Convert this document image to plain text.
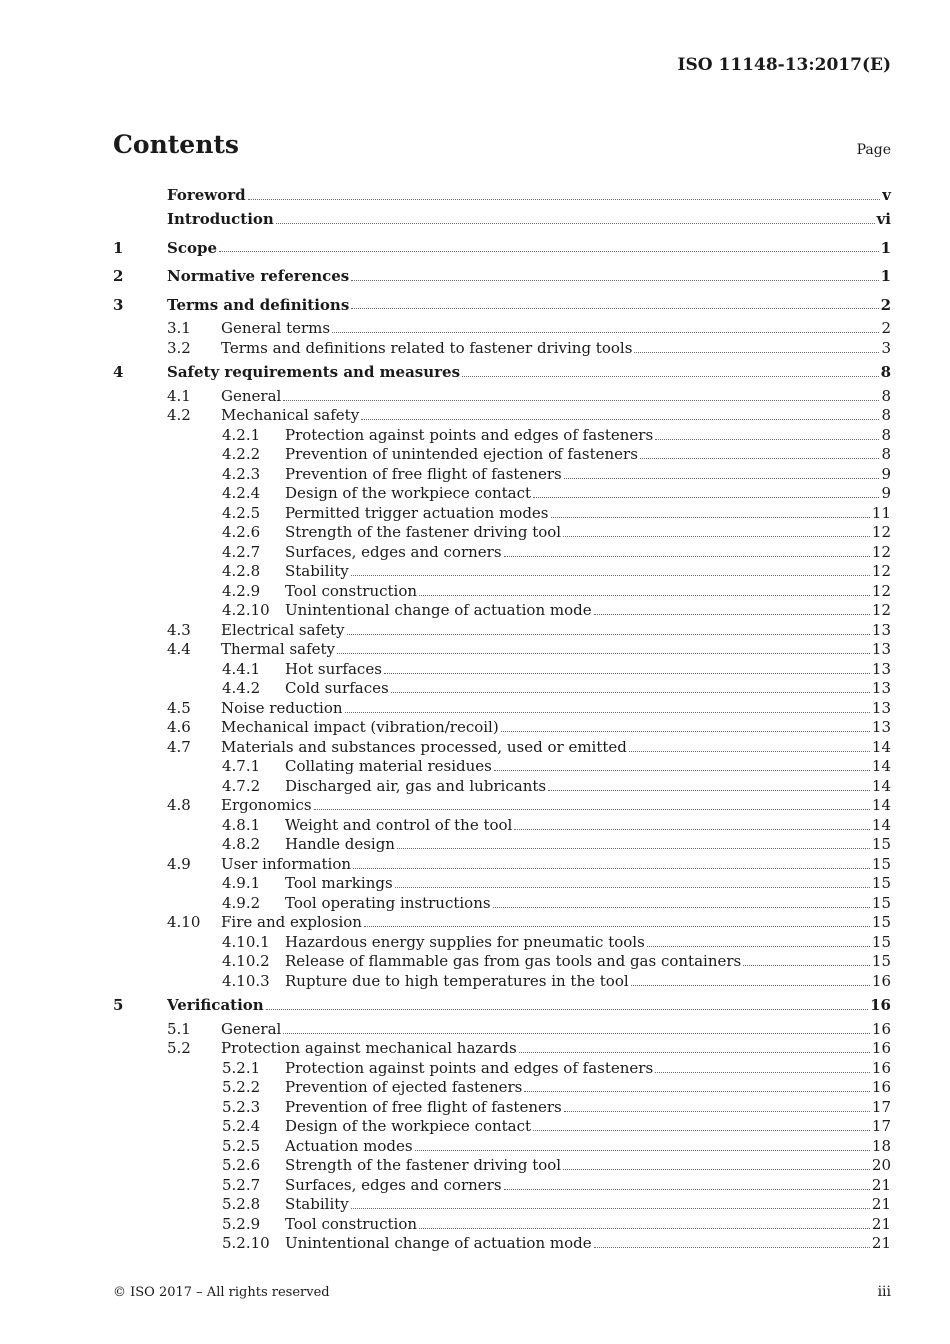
ISO 11148-13:2017(E)
Contents	Page
Foreword	v
Introduction	vi
1	Scope	1
2	Normative references	1
3	Terms and definitions	2
3.1	General terms	2
3.2	Terms and definitions related to fastener driving tools	3
4	Safety requirements and measures	8
4.1	General	8
4.2	Mechanical safety	8
4.2.1	Protection against points and edges of fasteners	8
4.2.2	Prevention of unintended ejection of fasteners	8
4.2.3	Prevention of free flight of fasteners	9
4.2.4	Design of the workpiece contact	9
4.2.5	Permitted trigger actuation modes	11
4.2.6	Strength of the fastener driving tool	12
4.2.7	Surfaces, edges and corners	12
4.2.8	Stability	12
4.2.9	Tool construction	12
4.2.10	Unintentional change of actuation mode	12
4.3	Electrical safety	13
4.4	Thermal safety	13
4.4.1	Hot surfaces	13
4.4.2	Cold surfaces	13
4.5	Noise reduction	13
4.6	Mechanical impact (vibration/recoil)	13
4.7	Materials and substances processed, used or emitted	14
4.7.1	Collating material residues	14
4.7.2	Discharged air, gas and lubricants	14
4.8	Ergonomics	14
4.8.1	Weight and control of the tool	14
4.8.2	Handle design	15
4.9	User information	15
4.9.1	Tool markings	15
4.9.2	Tool operating instructions	15
4.10	Fire and explosion	15
4.10.1	Hazardous energy supplies for pneumatic tools	15
4.10.2	Release of flammable gas from gas tools and gas containers	15
4.10.3	Rupture due to high temperatures in the tool	16
5	Verification	16
5.1	General	16
5.2	Protection against mechanical hazards	16
5.2.1	Protection against points and edges of fasteners	16
5.2.2	Prevention of ejected fasteners	16
5.2.3	Prevention of free flight of fasteners	17
5.2.4	Design of the workpiece contact	17
5.2.5	Actuation modes	18
5.2.6	Strength of the fastener driving tool	20
5.2.7	Surfaces, edges and corners	21
5.2.8	Stability	21
5.2.9	Tool construction	21
5.2.10	Unintentional change of actuation mode	21
© ISO 2017 – All rights reserved	iii
